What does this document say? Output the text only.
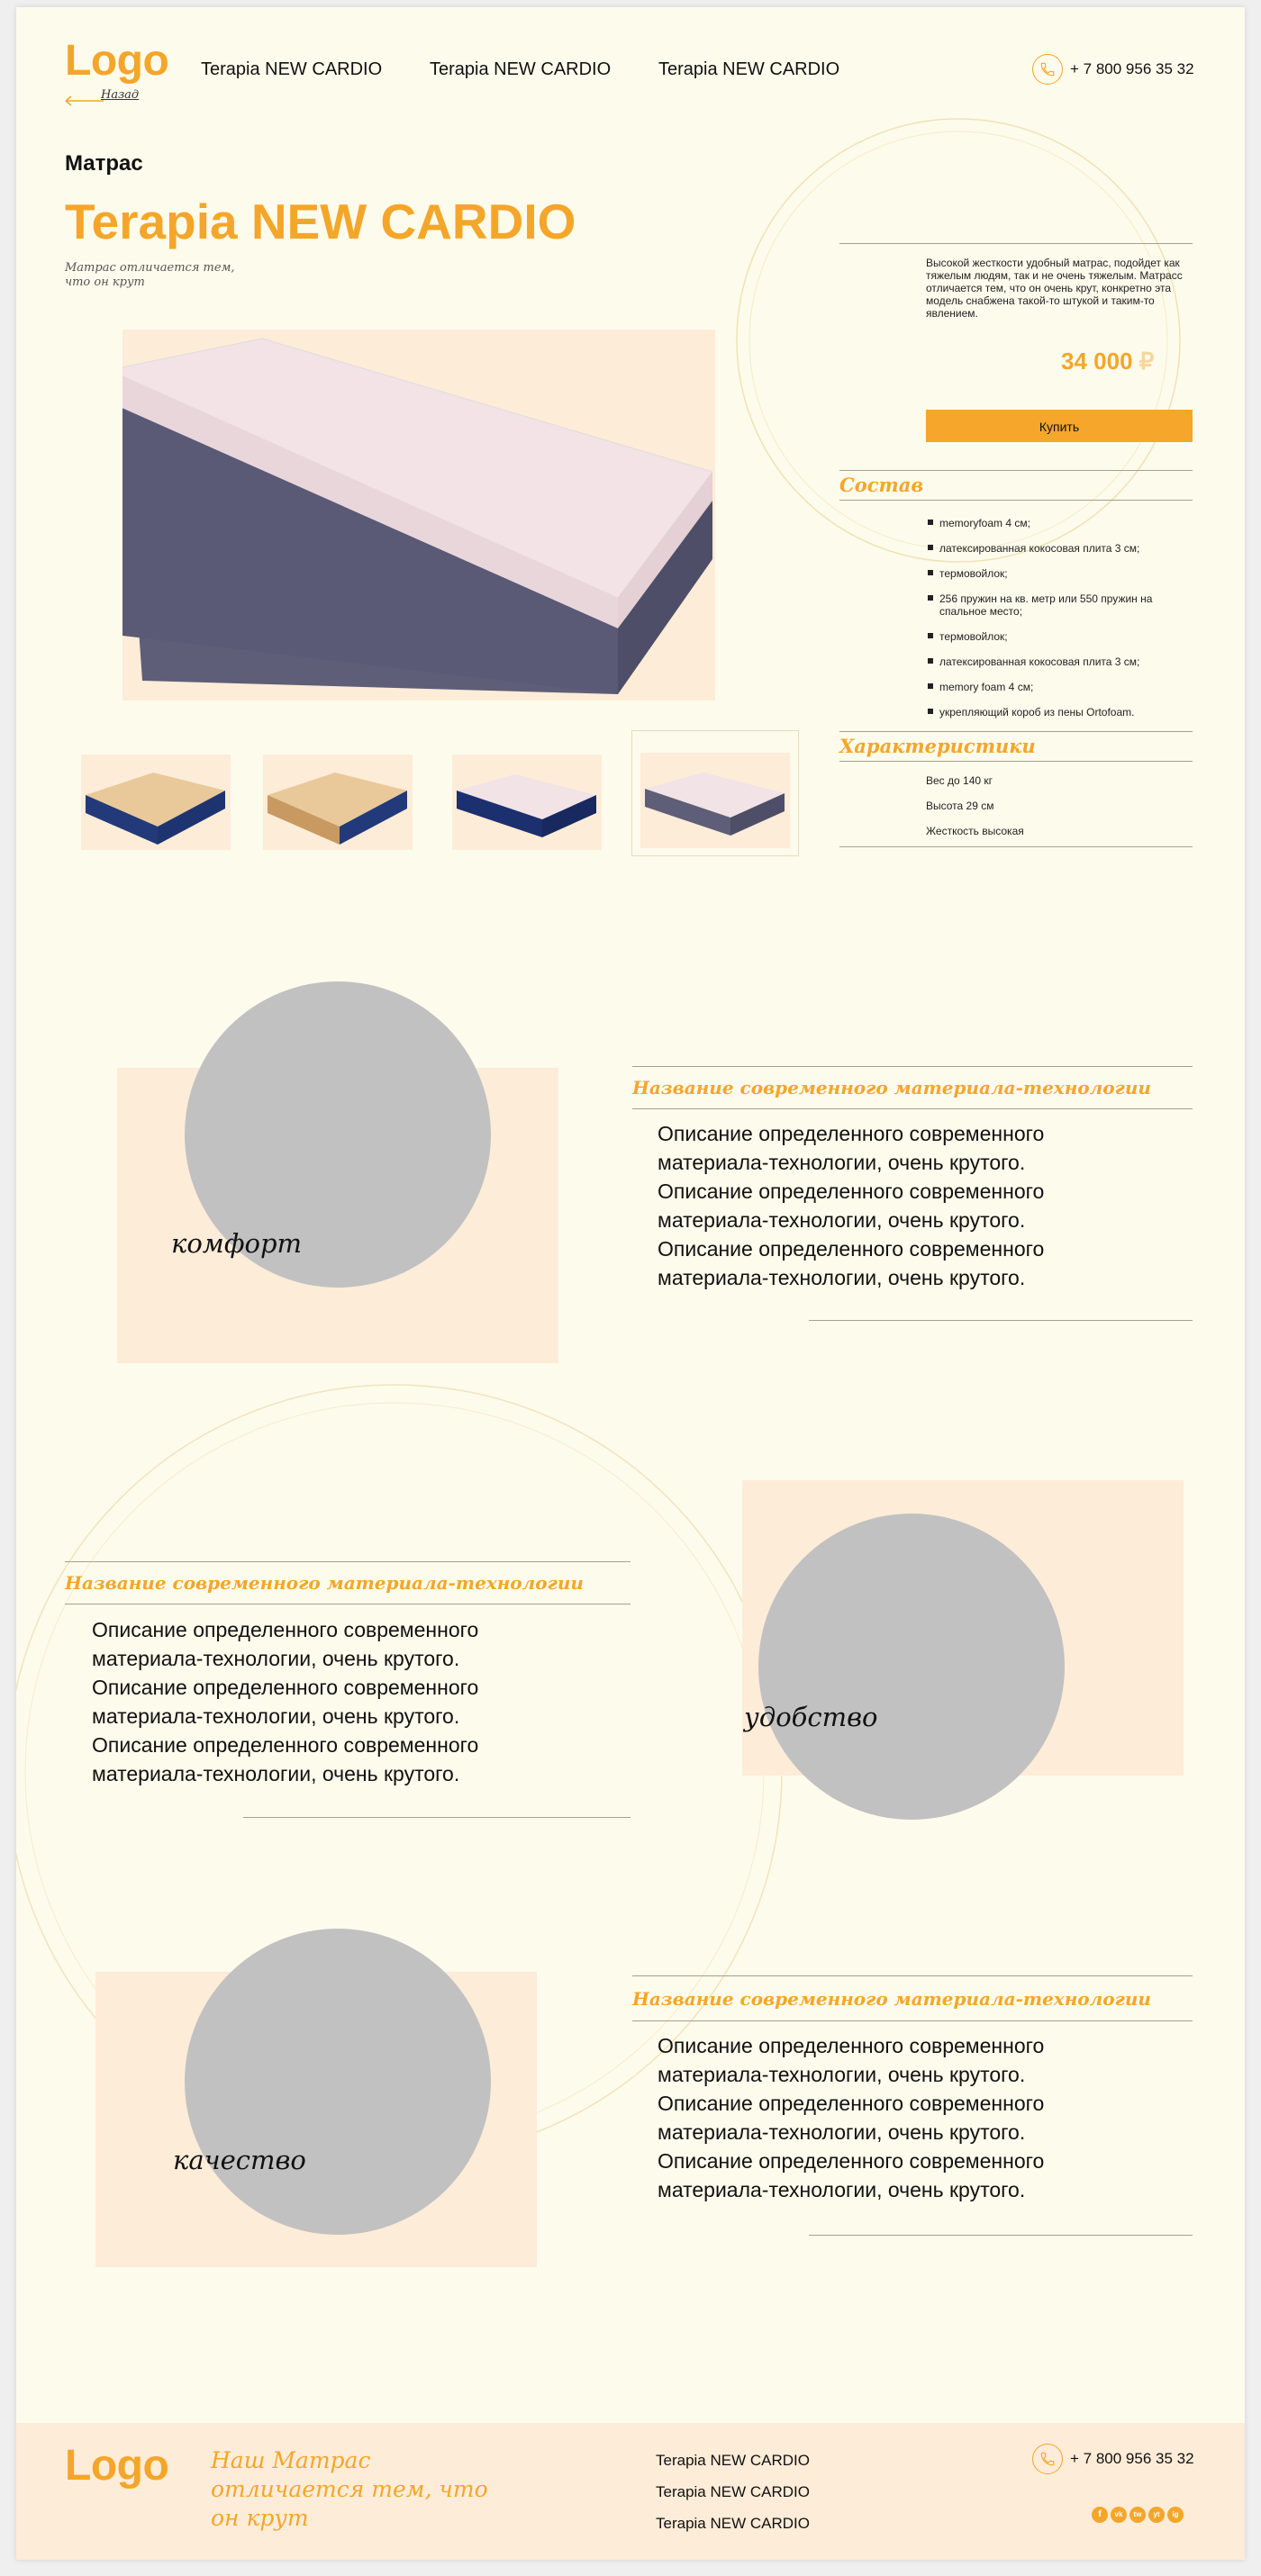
Logo
Назад
Terapia NEW CARDIO	Terapia NEW CARDIO	Terapia NEW CARDIO	+ 7 800 956 35 32
Матрас
Terapia NEW CARDIO
Матрас отличается тем,
что он крут
Высокой жесткости удобный матрас, подойдет как тяжелым людям, так и не очень тяжелым. Матрасс отличается тем, что он очень крут, конкретно эта модель снабжена такой-то штукой и таким-то явлением.
34 000 ₽
Купить
Состав
memoryfoam 4 см;
латексированная кокосовая плита 3 см;
термовойлок;
256 пружин на кв. метр или 550 пружин на спальное место;
термовойлок;
латексированная кокосовая плита 3 см;
memory foam 4 см;
укрепляющий короб из пены Ortofoam.
Характеристики
Вес до 140 кг
Высота 29 см
Жесткость высокая
комфорт
Название современного материала-технологии
Описание определенного современного материала-технологии, очень крутого. Описание определенного современного материала-технологии, очень крутого. Описание определенного современного материала-технологии, очень крутого.
Название современного материала-технологии
Описание определенного современного материала-технологии, очень крутого. Описание определенного современного материала-технологии, очень крутого. Описание определенного современного материала-технологии, очень крутого.
удобство
качество
Название современного материала-технологии
Описание определенного современного материала-технологии, очень крутого. Описание определенного современного материала-технологии, очень крутого. Описание определенного современного материала-технологии, очень крутого.
Logo Наш Матрас
отличается тем, что
он крут
Terapia NEW CARDIO
Terapia NEW CARDIO
Terapia NEW CARDIO
+ 7 800 956 35 32
f	vk	tw	yt	ig
